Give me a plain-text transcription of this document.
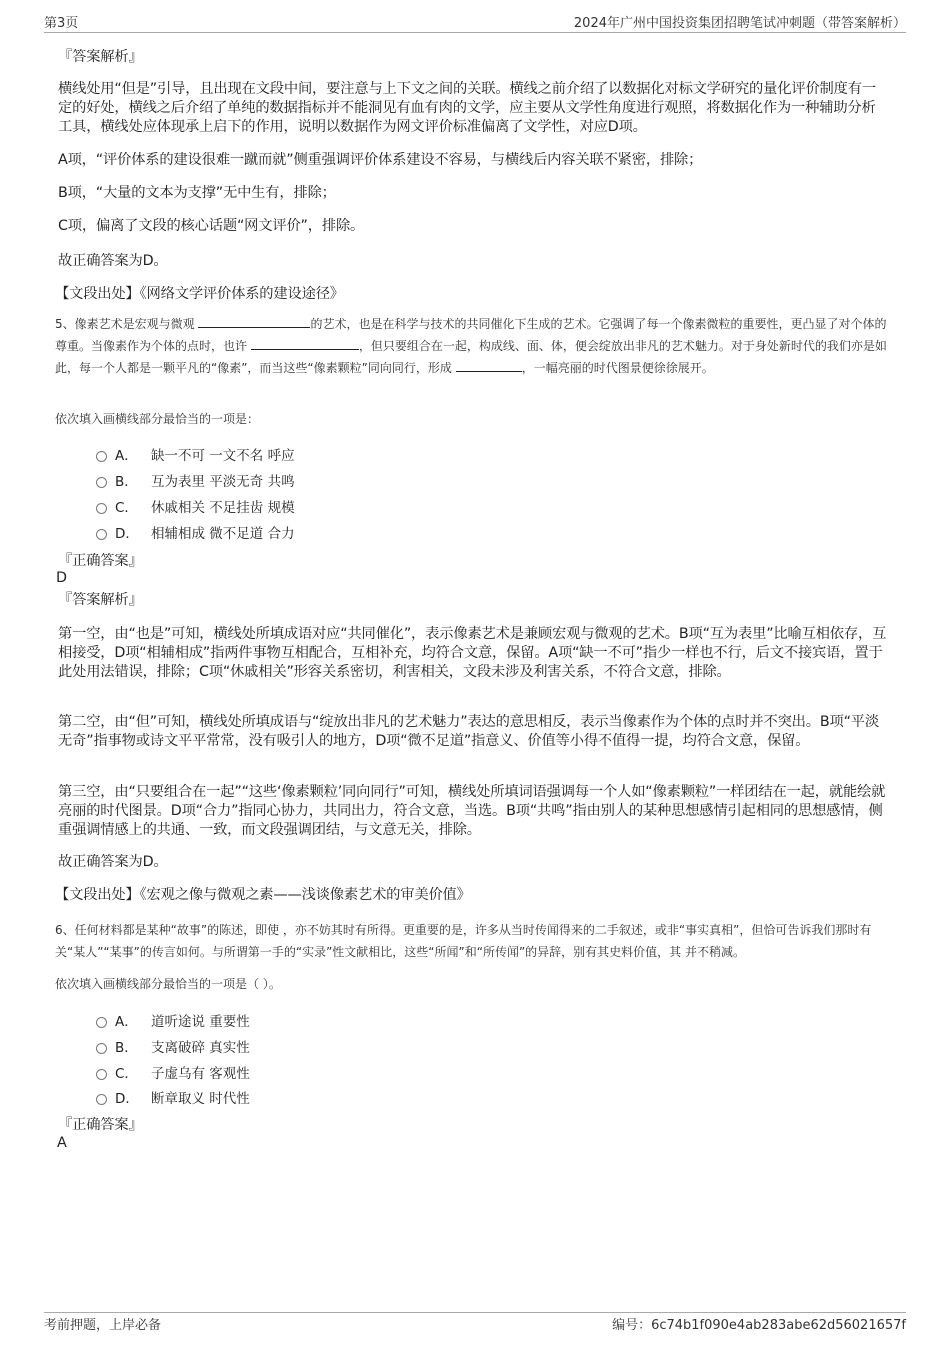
第3页	2024年广州中国投资集团招聘笔试冲刺题（带答案解析）
『答案解析』
横线处用“但是”引导，且出现在文段中间，要注意与上下文之间的关联。横线之前介绍了以数据化对标文学研究的量化评价制度有一定的好处，横线之后介绍了单纯的数据指标并不能洞见有血有肉的文学，应主要从文学性角度进行观照，将数据化作为一种辅助分析工具，横线处应体现承上启下的作用，说明以数据作为网文评价标准偏离了文学性，对应D项。
A项，“评价体系的建设很难一蹴而就”侧重强调评价体系建设不容易，与横线后内容关联不紧密，排除；
B项，“大量的文本为支撑”无中生有，排除；
C项，偏离了文段的核心话题“网文评价”，排除。
故正确答案为D。
【文段出处】《网络文学评价体系的建设途径》
5、像素艺术是宏观与微观	的艺术，也是在科学与技术的共同催化下生成的艺术。它强调了每一个像素微粒的重要性，更凸显了对个体的尊重。当像素作为个体的点时，也许	，但只要组合在一起，构成线、面、体，便会绽放出非凡的艺术魅力。对于身处新时代的我们亦是如此，每一个人都是一颗平凡的“像素”，而当这些“像素颗粒”同向同行，形成	，一幅亮丽的时代图景便徐徐展开。
依次填入画横线部分最恰当的一项是：
A． 缺一不可 一文不名 呼应
B． 互为表里 平淡无奇 共鸣
C． 休戚相关 不足挂齿 规模
D． 相辅相成 微不足道 合力
『正确答案』
D
『答案解析』
第一空，由“也是”可知，横线处所填成语对应“共同催化”，表示像素艺术是兼顾宏观与微观的艺术。B项“互为表里”比喻互相依存，互相接受，D项“相辅相成”指两件事物互相配合，互相补充，均符合文意，保留。A项“缺一不可”指少一样也不行，后文不接宾语，置于此处用法错误，排除；C项“休戚相关”形容关系密切，利害相关，文段未涉及利害关系，不符合文意，排除。
第二空，由“但”可知，横线处所填成语与“绽放出非凡的艺术魅力”表达的意思相反，表示当像素作为个体的点时并不突出。B项“平淡无奇”指事物或诗文平平常常，没有吸引人的地方，D项“微不足道”指意义、价值等小得不值得一提，均符合文意，保留。
第三空，由“只要组合在一起”“这些‘像素颗粒’同向同行”可知，横线处所填词语强调每一个人如“像素颗粒”一样团结在一起，就能绘就亮丽的时代图景。D项“合力”指同心协力，共同出力，符合文意，当选。B项“共鸣”指由别人的某种思想感情引起相同的思想感情，侧重强调情感上的共通、一致，而文段强调团结，与文意无关，排除。
故正确答案为D。
【文段出处】《宏观之像与微观之素——浅谈像素艺术的审美价值》
6、任何材料都是某种“故事”的陈述，即使 ，亦不妨其时有所得。更重要的是，许多从当时传闻得来的二手叙述，或非“事实真相”，但恰可告诉我们那时有关“某人”“某事”的传言如何。与所谓第一手的“实录”性文献相比，这些“所闻”和“所传闻”的异辞，别有其史料价值，其 并不稍减。
依次填入画横线部分最恰当的一项是（ ）。
A． 道听途说 重要性
B． 支离破碎 真实性
C． 子虚乌有 客观性
D． 断章取义 时代性
『正确答案』
A
考前押题，上岸必备	编号：6c74b1f090e4ab283abe62d56021657f
